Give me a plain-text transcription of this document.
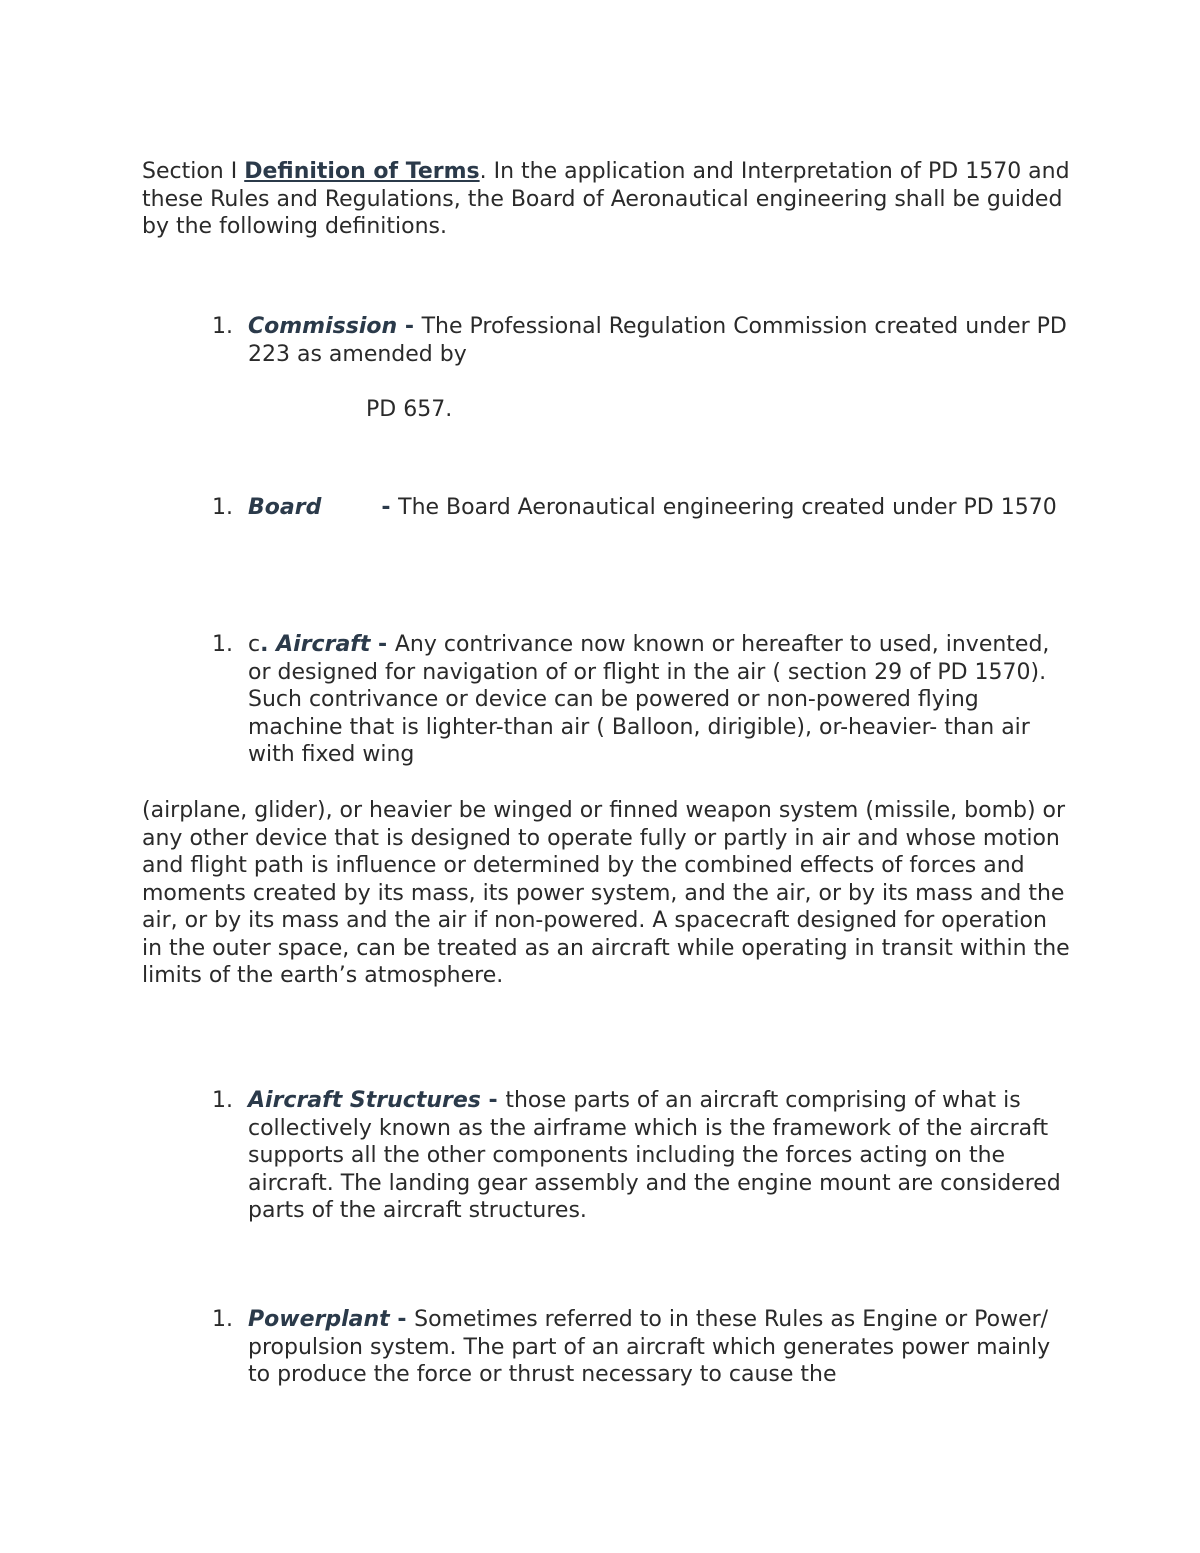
Section I Definition of Terms. In the application and Interpretation of PD 1570 and these Rules and Regulations, the Board of Aeronautical engineering shall be guided by the following definitions.

1. Commission - The Professional Regulation Commission created under PD 223 as amended by

PD 657.

1. Board	- The Board Aeronautical engineering created under PD 1570
1. c. Aircraft - Any contrivance now known or hereafter to used, invented, or designed for navigation of or flight in the air ( section 29 of PD 1570). Such contrivance or device can be powered or non-powered flying machine that is lighter-than air ( Balloon, dirigible), or-heavier- than air with fixed wing

(airplane, glider), or heavier be winged or finned weapon system (missile, bomb) or any other device that is designed to operate fully or partly in air and whose motion and flight path is influence or determined by the combined effects of forces and moments created by its mass, its power system, and the air, or by its mass and the air, or by its mass and the air if non-powered. A spacecraft designed for operation in the outer space, can be treated as an aircraft while operating in transit within the limits of the earth’s atmosphere.

1. Aircraft Structures - those parts of an aircraft comprising of what is collectively known as the airframe which is the framework of the aircraft supports all the other components including the forces acting on the aircraft. The landing gear assembly and the engine mount are considered parts of the aircraft structures.
1. Powerplant - Sometimes referred to in these Rules as Engine or Power/ propulsion system. The part of an aircraft which generates power mainly to produce the force or thrust necessary to cause the
